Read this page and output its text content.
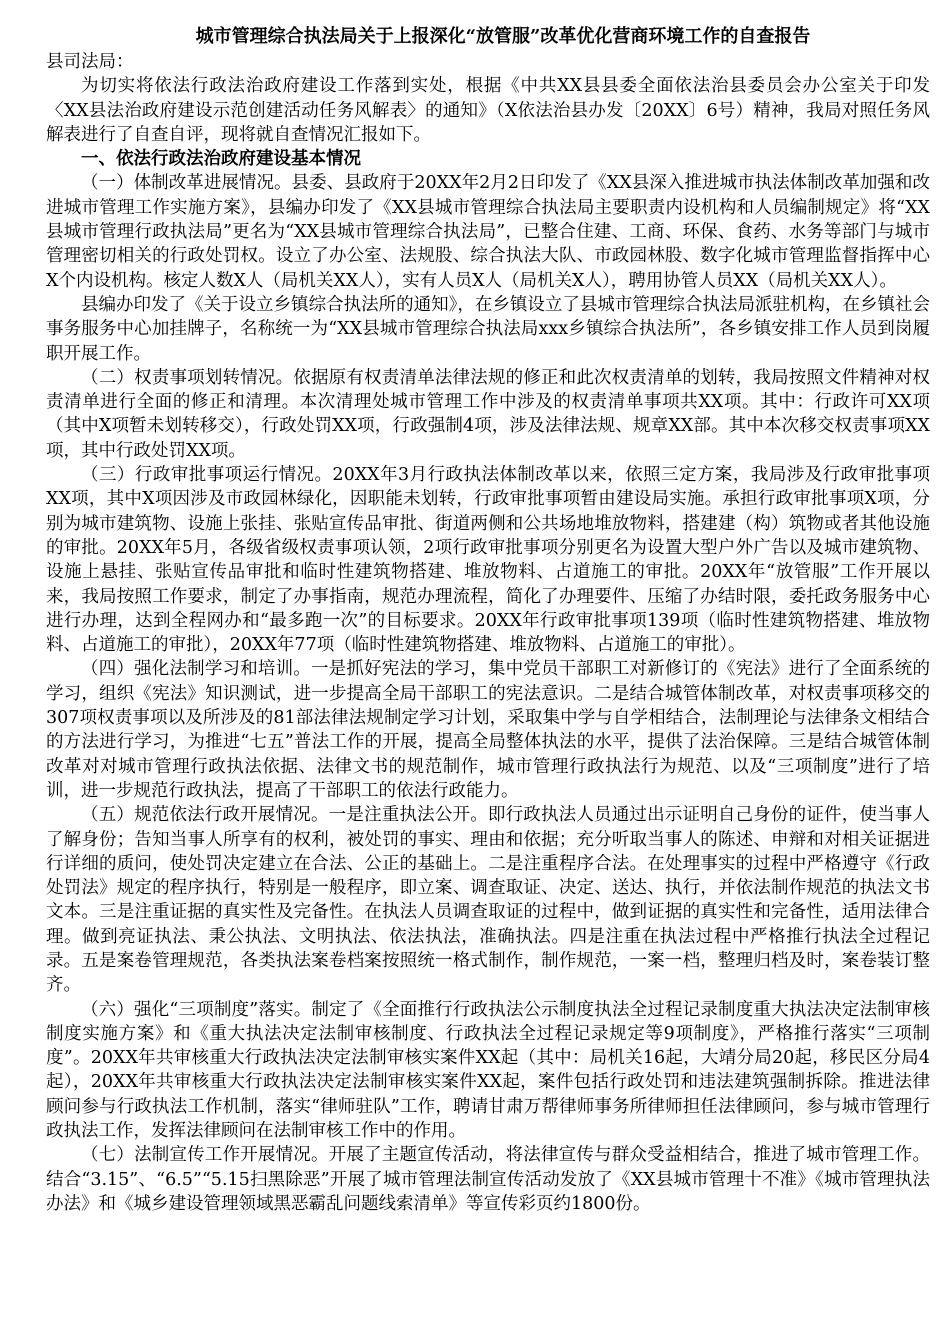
城市管理综合执法局关于上报深化“放管服”改革优化营商环境工作的自查报告

县司法局：

为切实将依法行政法治政府建设工作落到实处，根据《中共XX县县委全面依法治县委员会办公室关于印发〈XX县法治政府建设示范创建活动任务风解表〉的通知》（X依法治县办发〔20XX〕6号）精神，我局对照任务风解表进行了自查自评，现将就自查情况汇报如下。

一、依法行政法治政府建设基本情况

（一）体制改革进展情况。县委、县政府于20XX年2月2日印发了《XX县深入推进城市执法体制改革加强和改进城市管理工作实施方案》，县编办印发了《XX县城市管理综合执法局主要职责内设机构和人员编制规定》将“XX县城市管理行政执法局”更名为“XX县城市管理综合执法局”，已整合住建、工商、环保、食药、水务等部门与城市管理密切相关的行政处罚权。设立了办公室、法规股、综合执法大队、市政园林股、数字化城市管理监督指挥中心X个内设机构。核定人数X人（局机关XX人），实有人员X人（局机关X人），聘用协管人员XX（局机关XX人）。

县编办印发了《关于设立乡镇综合执法所的通知》，在乡镇设立了县城市管理综合执法局派驻机构，在乡镇社会事务服务中心加挂牌子，名称统一为“XX县城市管理综合执法局xxx乡镇综合执法所”，各乡镇安排工作人员到岗履职开展工作。

（二）权责事项划转情况。依据原有权责清单法律法规的修正和此次权责清单的划转，我局按照文件精神对权责清单进行全面的修正和清理。本次清理处城市管理工作中涉及的权责清单事项共XX项。其中：行政许可XX项（其中X项暂未划转移交），行政处罚XX项，行政强制4项，涉及法律法规、规章XX部。其中本次移交权责事项XX项，其中行政处罚XX项。

（三）行政审批事项运行情况。20XX年3月行政执法体制改革以来，依照三定方案，我局涉及行政审批事项XX项，其中X项因涉及市政园林绿化，因职能未划转，行政审批事项暂由建设局实施。承担行政审批事项X项，分别为城市建筑物、设施上张挂、张贴宣传品审批、街道两侧和公共场地堆放物料，搭建建（构）筑物或者其他设施的审批。20XX年5月，各级省级权责事项认领，2项行政审批事项分别更名为设置大型户外广告以及城市建筑物、设施上悬挂、张贴宣传品审批和临时性建筑物搭建、堆放物料、占道施工的审批。20XX年“放管服”工作开展以来，我局按照工作要求，制定了办事指南，规范办理流程，简化了办理要件、压缩了办结时限，委托政务服务中心进行办理，达到全程网办和“最多跑一次”的目标要求。20XX年行政审批事项139项（临时性建筑物搭建、堆放物料、占道施工的审批），20XX年77项（临时性建筑物搭建、堆放物料、占道施工的审批）。

（四）强化法制学习和培训。一是抓好宪法的学习，集中党员干部职工对新修订的《宪法》进行了全面系统的学习，组织《宪法》知识测试，进一步提高全局干部职工的宪法意识。二是结合城管体制改革，对权责事项移交的307项权责事项以及所涉及的81部法律法规制定学习计划，采取集中学与自学相结合，法制理论与法律条文相结合的方法进行学习，为推进“七五”普法工作的开展，提高全局整体执法的水平，提供了法治保障。三是结合城管体制改革对对城市管理行政执法依据、法律文书的规范制作，城市管理行政执法行为规范、以及“三项制度”进行了培训，进一步规范行政执法，提高了干部职工的依法行政能力。

（五）规范依法行政开展情况。一是注重执法公开。即行政执法人员通过出示证明自己身份的证件，使当事人了解身份；告知当事人所享有的权利，被处罚的事实、理由和依据；充分听取当事人的陈述、申辩和对相关证据进行详细的质问，使处罚决定建立在合法、公正的基础上。二是注重程序合法。在处理事实的过程中严格遵守《行政处罚法》规定的程序执行，特别是一般程序，即立案、调查取证、决定、送达、执行，并依法制作规范的执法文书文本。三是注重证据的真实性及完备性。在执法人员调查取证的过程中，做到证据的真实性和完备性，适用法律合理。做到亮证执法、秉公执法、文明执法、依法执法，准确执法。四是注重在执法过程中严格推行执法全过程记录。五是案卷管理规范，各类执法案卷档案按照统一格式制作，制作规范，一案一档，整理归档及时，案卷装订整齐。

（六）强化“三项制度”落实。制定了《全面推行行政执法公示制度执法全过程记录制度重大执法决定法制审核制度实施方案》和《重大执法决定法制审核制度、行政执法全过程记录规定等9项制度》，严格推行落实“三项制度”。20XX年共审核重大行政执法决定法制审核实案件XX起（其中：局机关16起，大靖分局20起，移民区分局4起），20XX年共审核重大行政执法决定法制审核实案件XX起，案件包括行政处罚和违法建筑强制拆除。推进法律顾问参与行政执法工作机制，落实“律师驻队”工作，聘请甘肃万帮律师事务所律师担任法律顾问，参与城市管理行政执法工作，发挥法律顾问在法制审核工作中的作用。

（七）法制宣传工作开展情况。开展了主题宣传活动，将法律宣传与群众受益相结合，推进了城市管理工作。结合“3.15”、“6.5”“5.15扫黑除恶”开展了城市管理法制宣传活动发放了《XX县城市管理十不准》《城市管理执法办法》和《城乡建设管理领域黑恶霸乱问题线索清单》等宣传彩页约1800份。
